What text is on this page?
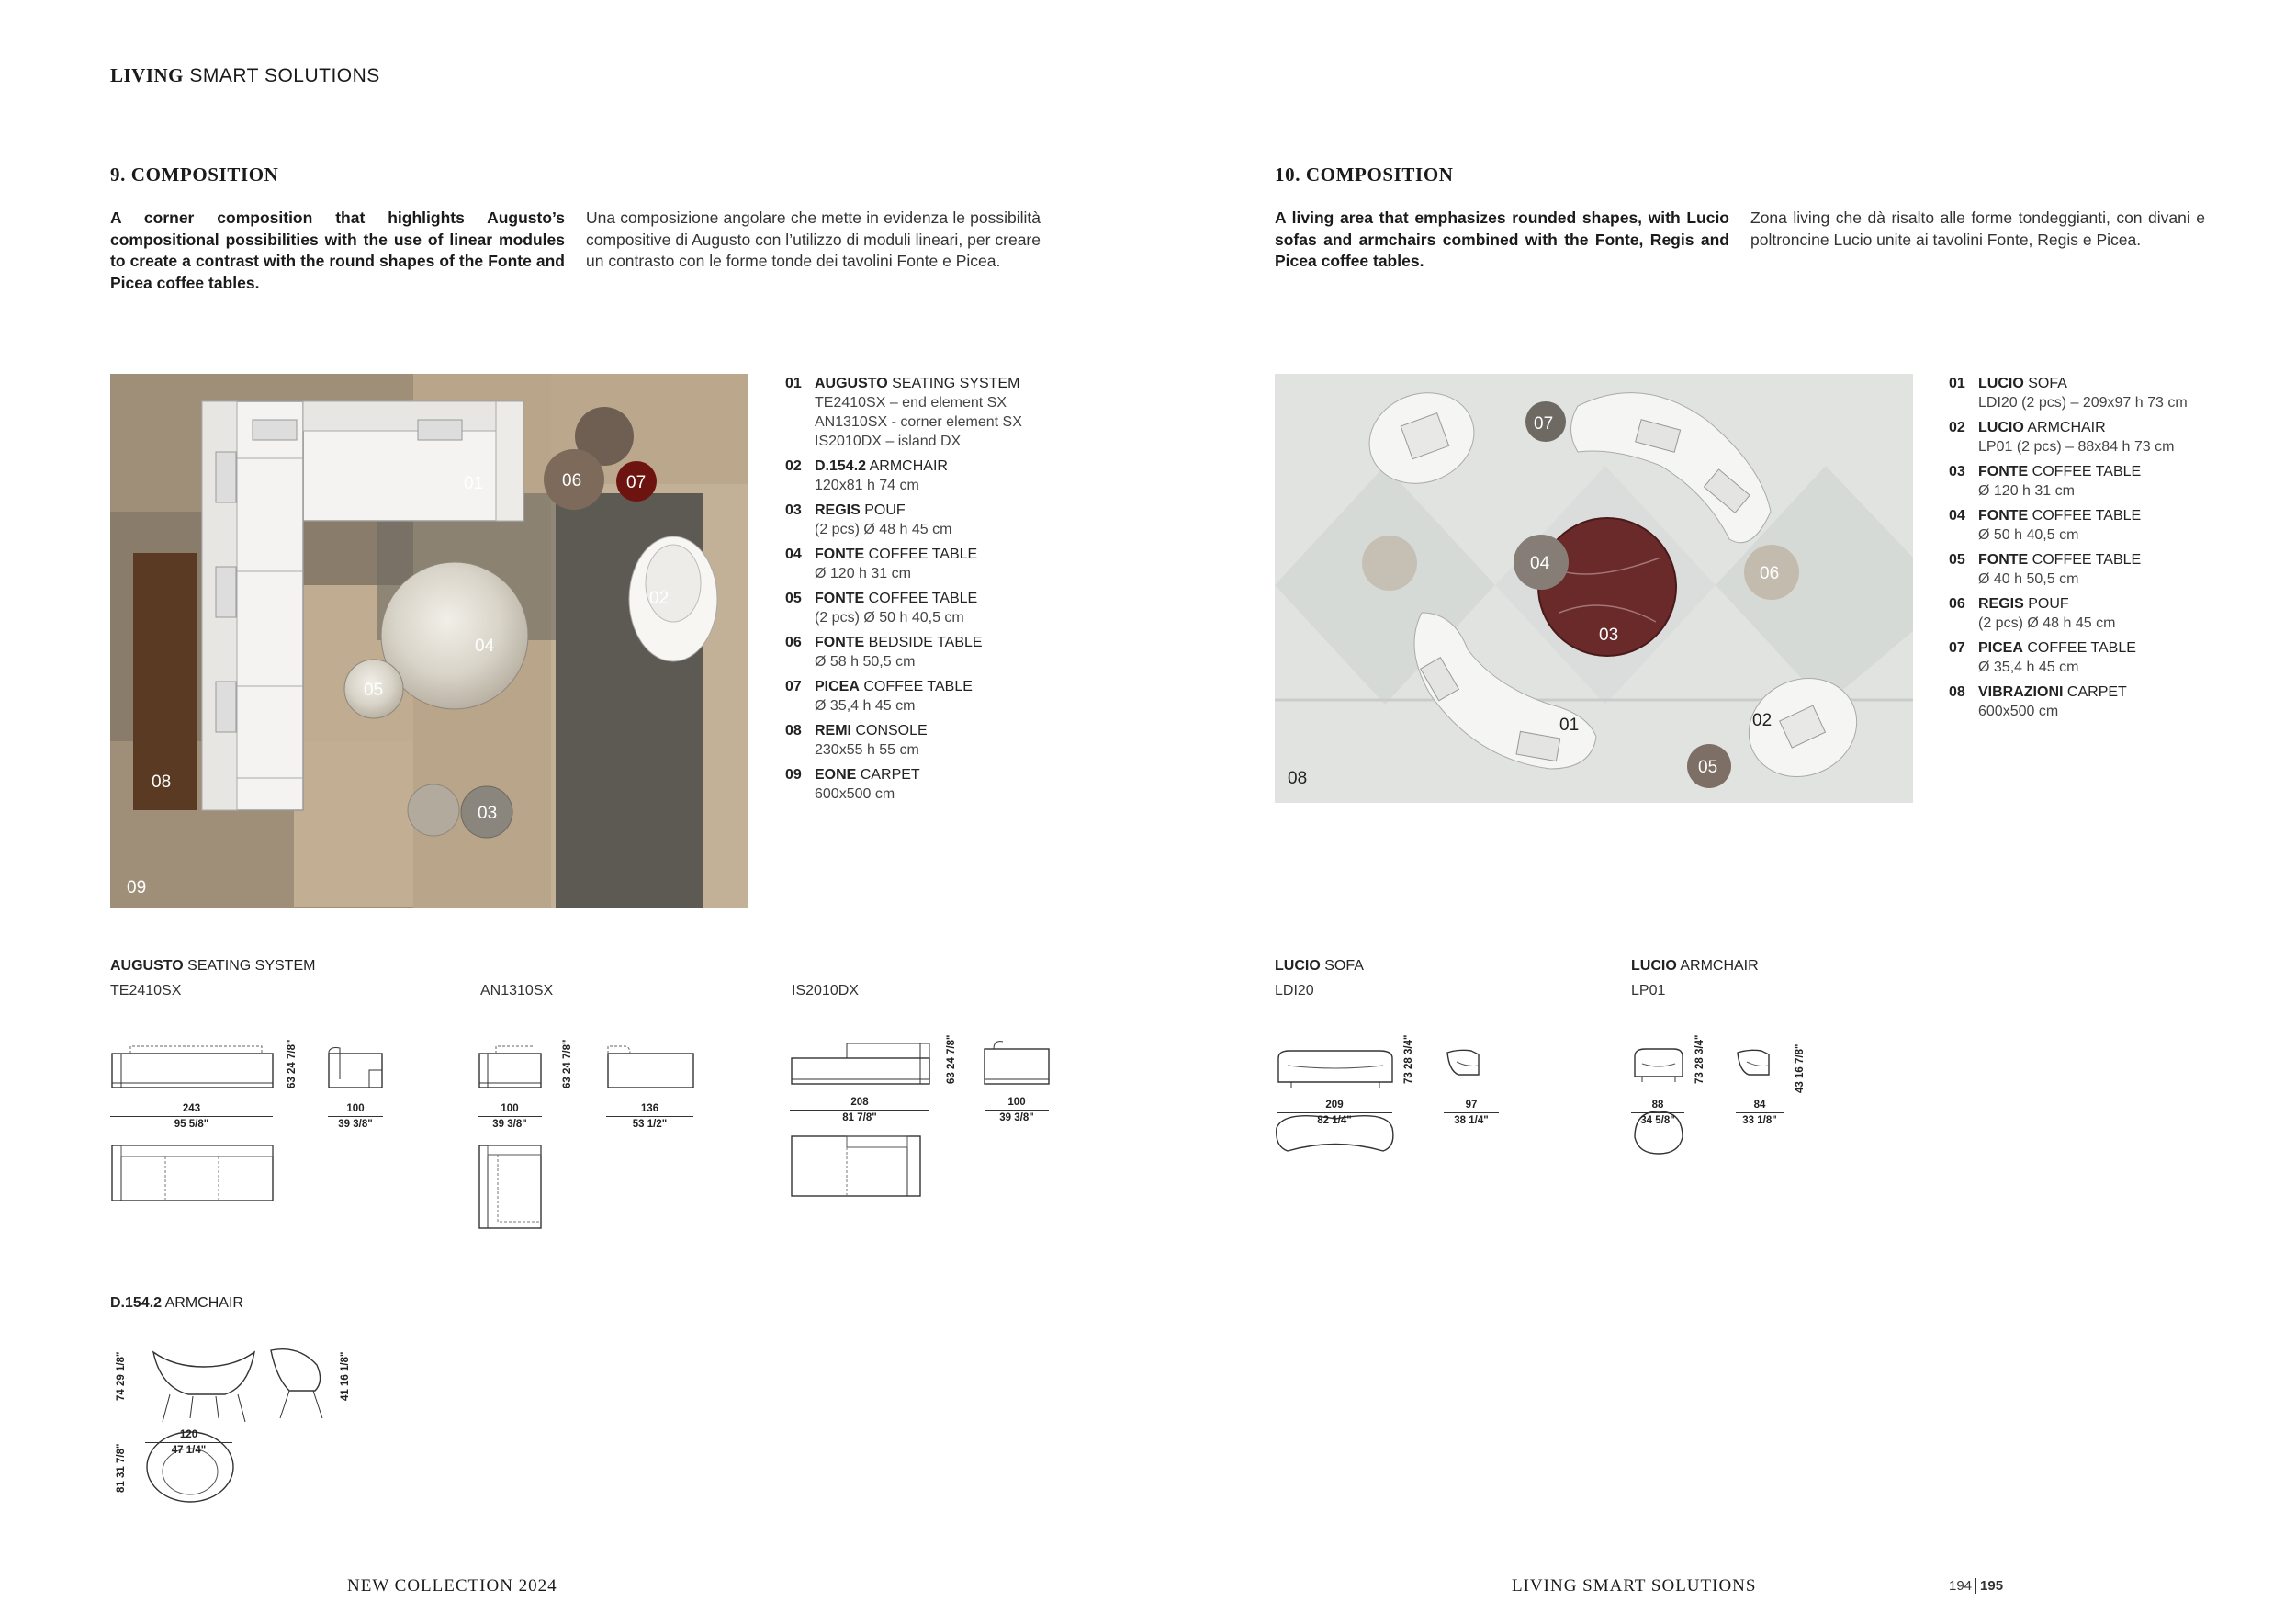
LIVING SMART SOLUTIONS
9. COMPOSITION
A corner composition that highlights Augusto’s compositional possibilities with the use of linear modules to create a contrast with the round shapes of the Fonte and Picea coffee tables.
Una composizione angolare che mette in evidenza le possibilità compositive di Augusto con l’utilizzo di moduli lineari, per creare un contrasto con le forme tonde dei tavolini Fonte e Picea.
01
02
03
04
05
06	07
08
09
01 AUGUSTO SEATING SYSTEM
TE2410SX – end element SX
AN1310SX - corner element SX
IS2010DX – island DX
02 D.154.2 ARMCHAIR
120x81 h 74 cm
03 REGIS POUF
(2 pcs) Ø 48 h 45 cm
04 FONTE COFFEE TABLE
Ø 120 h 31 cm
05 FONTE COFFEE TABLE
(2 pcs) Ø 50 h 40,5 cm
06 FONTE BEDSIDE TABLE
Ø 58 h 50,5 cm
07 PICEA COFFEE TABLE
Ø 35,4 h 45 cm
08 REMI CONSOLE
230x55 h 55 cm
09 EONE CARPET
600x500 cm
AUGUSTO SEATING SYSTEM
TE2410SX	AN1310SX	IS2010DX
243
95 5/8"
100
39 3/8"
63 24 7/8"
100
39 3/8"
136
53 1/2"
63 24 7/8"
208
81 7/8"
100
39 3/8"
63 24 7/8"
D.154.2 ARMCHAIR
120
47 1/4"
74 29 1/8"	41 16 1/8"
81 31 7/8"
10. COMPOSITION
A living area that emphasizes rounded shapes, with Lucio sofas and armchairs combined with the Fonte, Regis and Picea coffee tables.
Zona living che dà risalto alle forme tondeggianti, con divani e poltroncine Lucio unite ai tavolini Fonte, Regis e Picea.
07
01	02
03
04
05
06
08
01 LUCIO SOFA
LDI20 (2 pcs) – 209x97 h 73 cm
02 LUCIO ARMCHAIR
LP01 (2 pcs) – 88x84 h 73 cm
03 FONTE COFFEE TABLE
Ø 120 h 31 cm
04 FONTE COFFEE TABLE
Ø 50 h 40,5 cm
05 FONTE COFFEE TABLE
Ø 40 h 50,5 cm
06 REGIS POUF
(2 pcs) Ø 48 h 45 cm
07 PICEA COFFEE TABLE
Ø 35,4 h 45 cm
08 VIBRAZIONI CARPET
600x500 cm
LUCIO SOFA
LDI20
LUCIO ARMCHAIR
LP01
209
82 1/4"
97
38 1/4"
73 28 3/4"
88
34 5/8"
84
33 1/8"
73 28 3/4"	43 16 7/8"
NEW COLLECTION 2024	LIVING SMART SOLUTIONS	194 195
